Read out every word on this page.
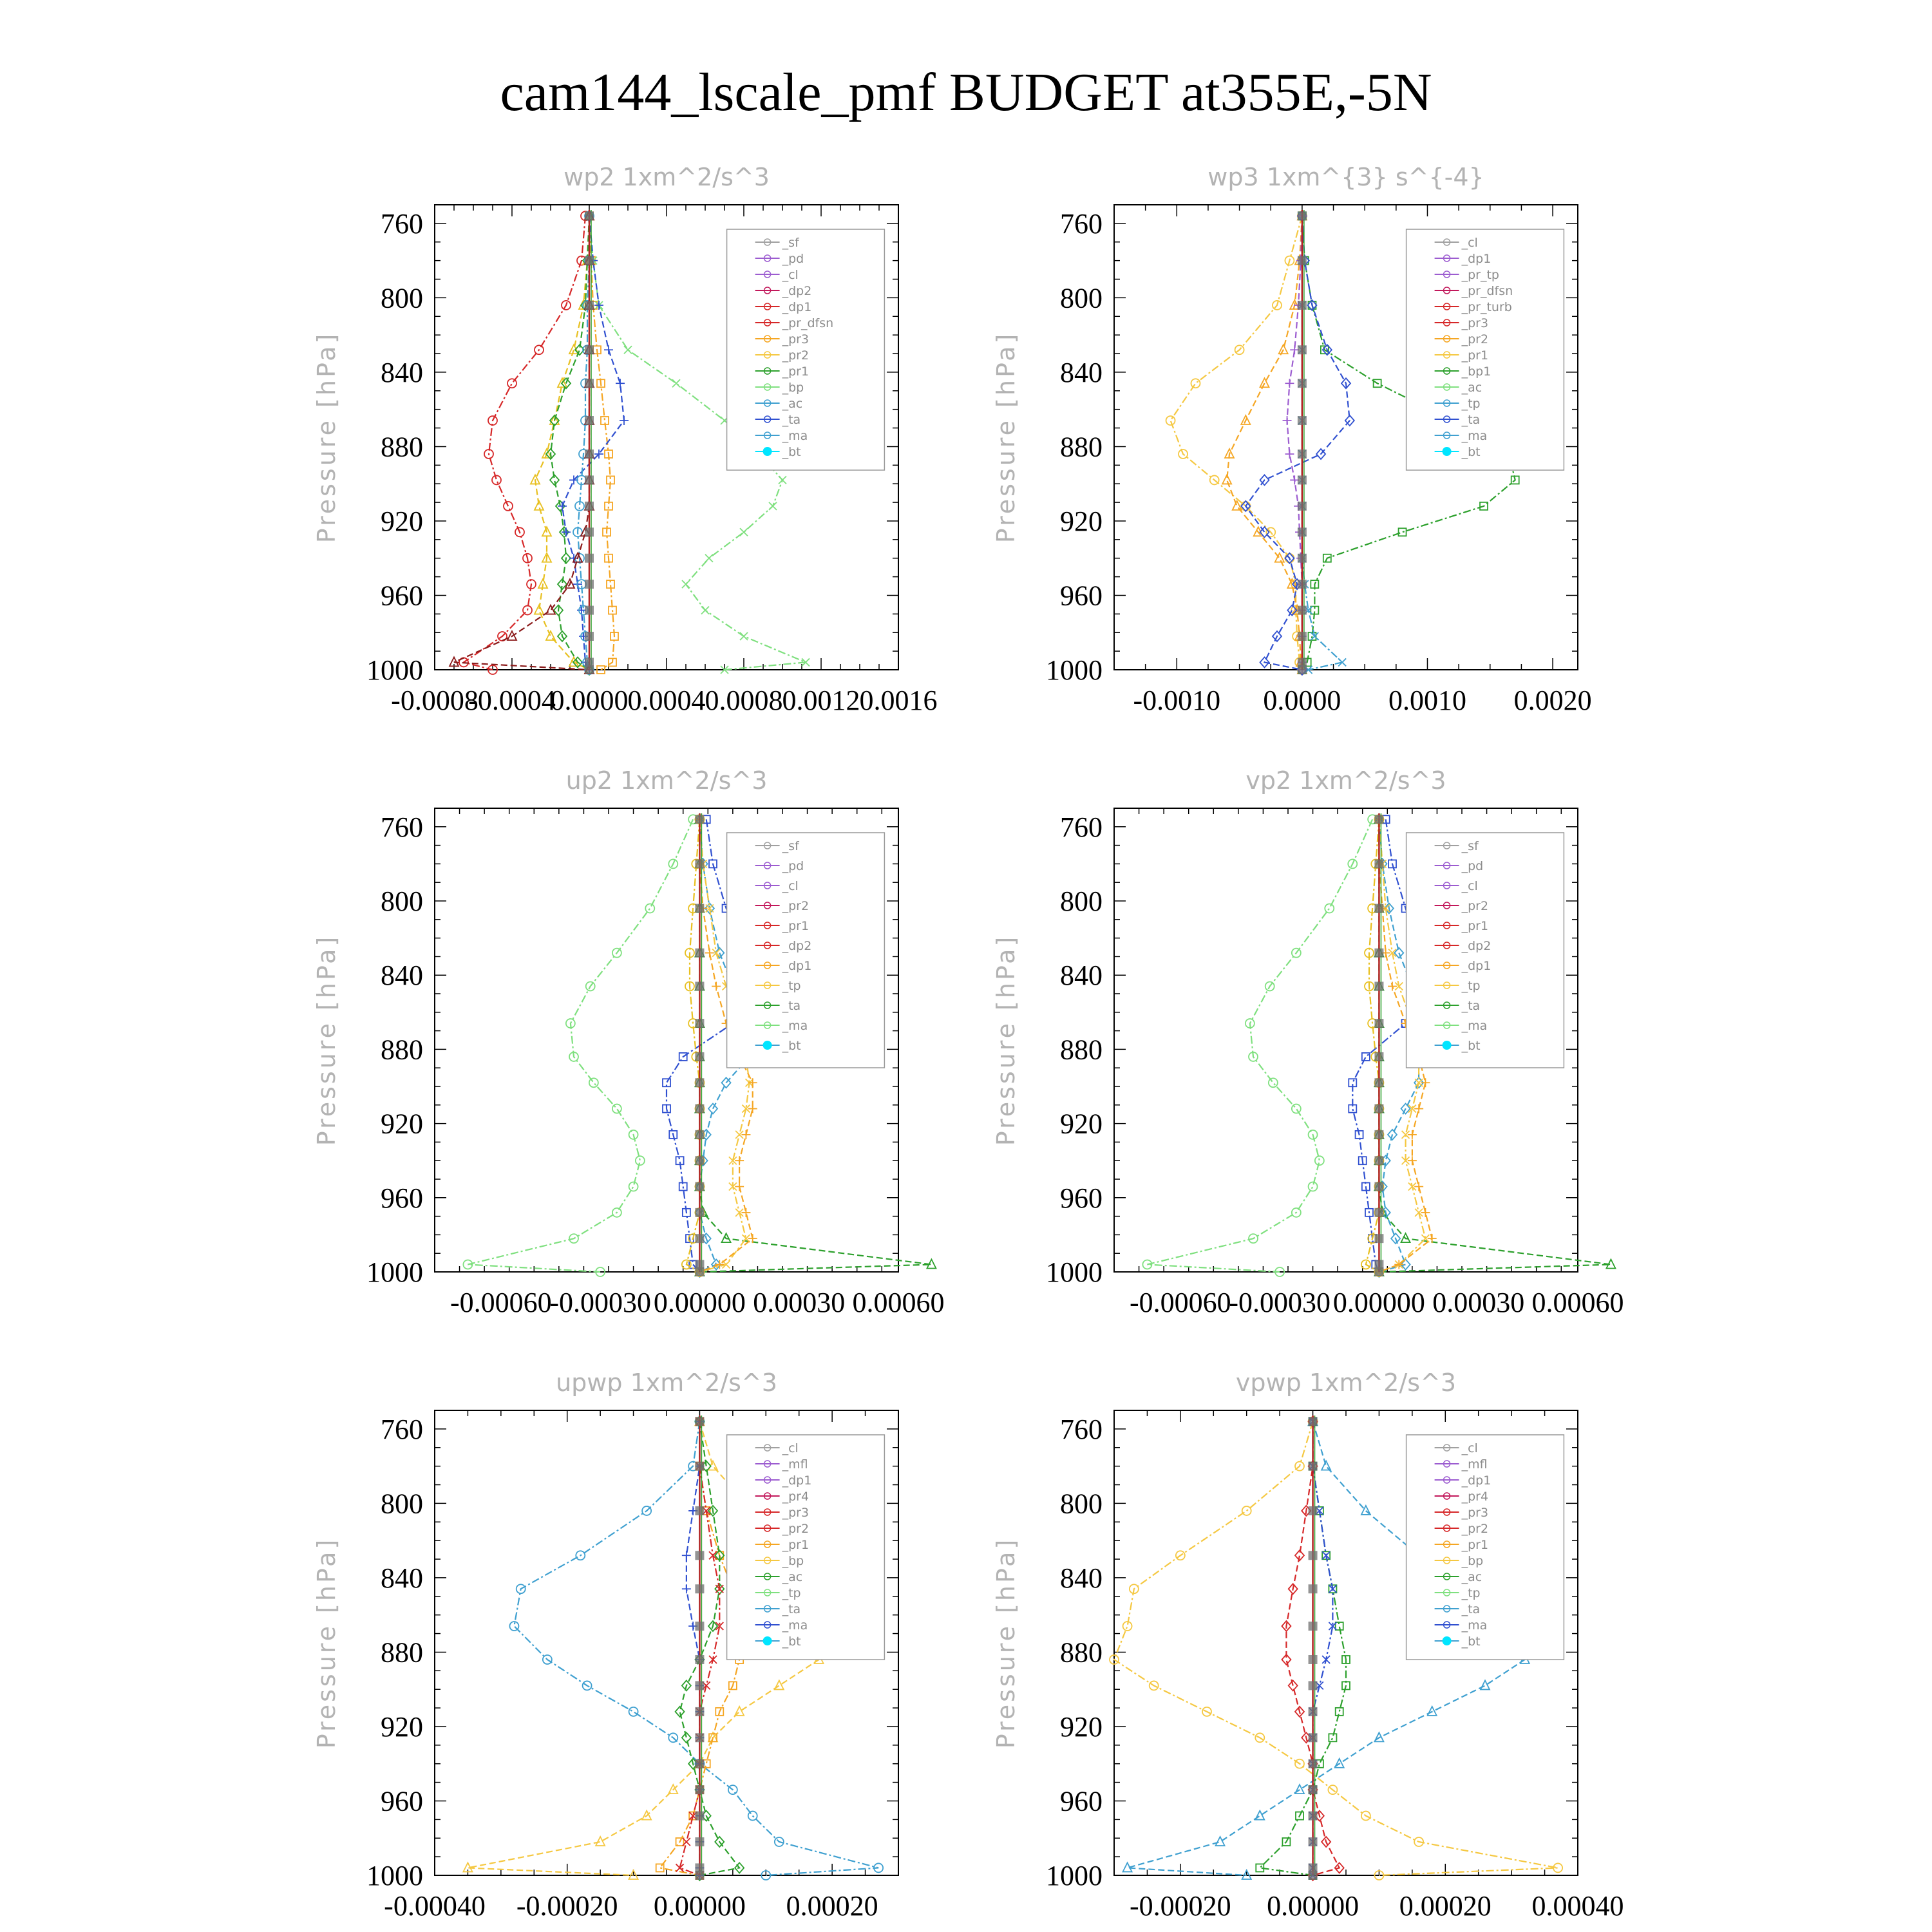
cam144_lscale_pmf BUDGET at355E,-5N
760
800
840
880
920
960
1000
-0.0008
-0.0004
0.0000 0.0004 0.0008 0.0012 0.0016
wp2 1xm^2/s^3
Pressure [hPa]
_sf
_pd
_cl
_dp2
_dp1
_pr_dfsn
_pr3
_pr2
_pr1
_bp
_ac
_ta
_ma
_bt
760
800
840
880
920
960
1000
-0.0010 0.0000 0.0010 0.0020
wp3 1xm^{3} s^{-4}
Pressure [hPa]
_cl
_dp1
_pr_tp
_pr_dfsn
_pr_turb
_pr3
_pr2
_pr1
_bp1
_ac
_tp
_ta
_ma
_bt
760
800
840
880
920
960
1000
-0.00060
-0.00030 0.00000 0.00030 0.00060
up2 1xm^2/s^3
Pressure [hPa]
_sf
_pd
_cl
_pr2
_pr1
_dp2
_dp1
_tp
_ta
_ma
_bt
760
800
840
880
920
960
1000
-0.00060
-0.00030 0.00000 0.00030 0.00060
vp2 1xm^2/s^3
Pressure [hPa]
_sf
_pd
_cl
_pr2
_pr1
_dp2
_dp1
_tp
_ta
_ma
_bt
760
800
840
880
920
960
1000
-0.00040 -0.00020 0.00000 0.00020
upwp 1xm^2/s^3
Pressure [hPa]
_cl
_mfl
_dp1
_pr4
_pr3
_pr2
_pr1
_bp
_ac
_tp
_ta
_ma
_bt
760
800
840
880
920
960
1000
-0.00020 0.00000 0.00020 0.00040
vpwp 1xm^2/s^3
Pressure [hPa]
_cl
_mfl
_dp1
_pr4
_pr3
_pr2
_pr1
_bp
_ac
_tp
_ta
_ma
_bt
